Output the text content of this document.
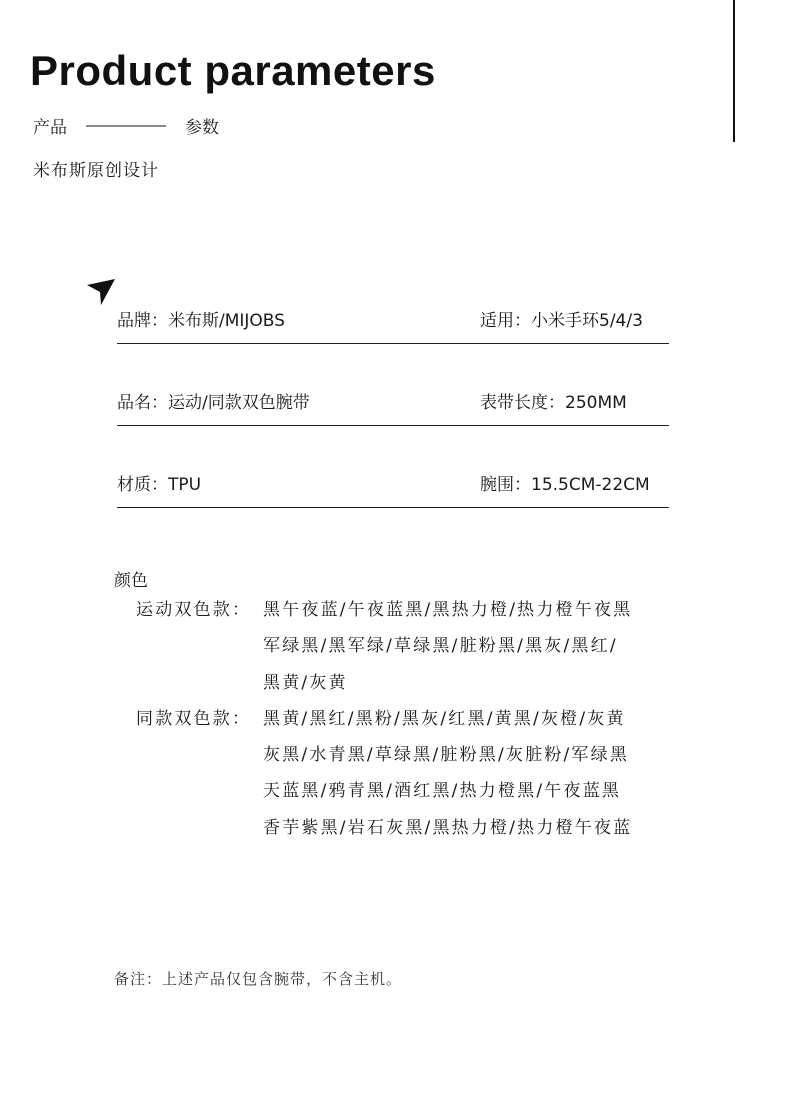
Product parameters
产品	参数
米布斯原创设计
品牌：米布斯/MIJOBS	适用：小米手环5/4/3
品名：运动/同款双色腕带	表带长度：250MM
材质：TPU	腕围：15.5CM-22CM
颜色
运动双色款： 黑午夜蓝/午夜蓝黑/黑热力橙/热力橙午夜黑
军绿黑/黑军绿/草绿黑/脏粉黑/黑灰/黑红/
黑黄/灰黄
同款双色款： 黑黄/黑红/黑粉/黑灰/红黑/黄黑/灰橙/灰黄
灰黑/水青黑/草绿黑/脏粉黑/灰脏粉/军绿黑
天蓝黑/鸦青黑/酒红黑/热力橙黑/午夜蓝黑
香芋紫黑/岩石灰黑/黑热力橙/热力橙午夜蓝
备注：上述产品仅包含腕带，不含主机。
